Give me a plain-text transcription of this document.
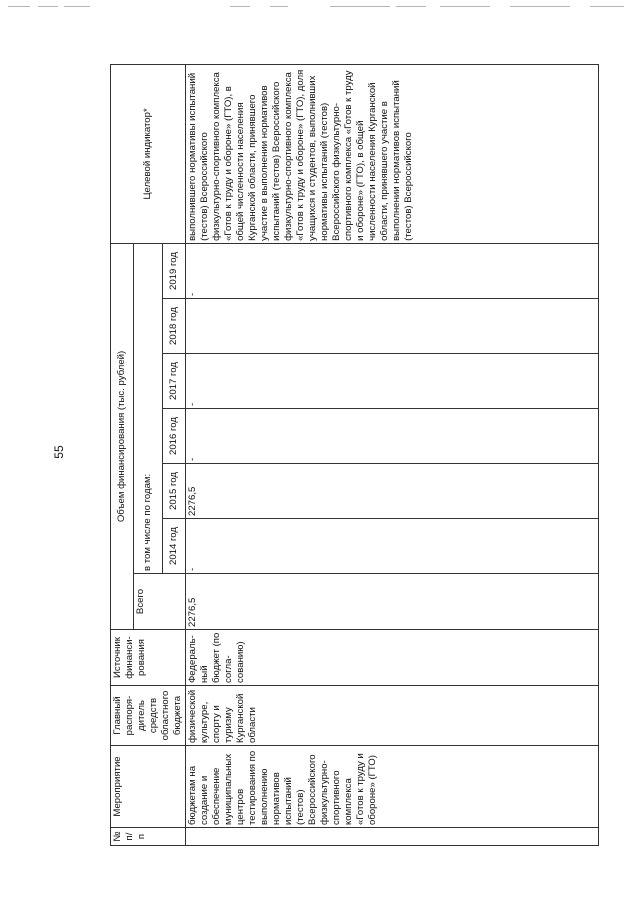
55
№
п/п	Мероприятие	Главный распоря-дитель средств областного бюджета	Источник финанси-рования	Объем финансирования (тыс. рублей)							Целевой индикатор*
				Всего	в том числе по годам:						
					2014 год	2015 год	2016 год	2017 год	2018 год	2019 год	
	бюджетам на создание и обеспечение муниципальных центров тестирования по выполнению нормативов испытаний (тестов) Всероссийского физкультурно-спортивного комплекса «Готов к труду и обороне» (ГТО)	физической культуре, спорту и туризму Курганской области	Федераль-ный бюджет (по согла-сованию)	2276,5	-	2276,5	-	-		-	выполнившего нормативы испытаний (тестов) Всероссийского физкультурно-спортивного комплекса «Готов к труду и обороне» (ГТО), в общей численности населения Курганской области, принявшего участие в выполнении нормативов испытаний (тестов) Всероссийского физкультурно-спортивного комплекса «Готов к труду и обороне» (ГТО), доля учащихся и студентов, выполнивших нормативы испытаний (тестов) Всероссийского физкультурно-спортивного комплекса «Готов к труду и обороне» (ГТО), в общей численности населения Курганской области, принявшего участие в выполнении нормативов испытаний (тестов) Всероссийского
